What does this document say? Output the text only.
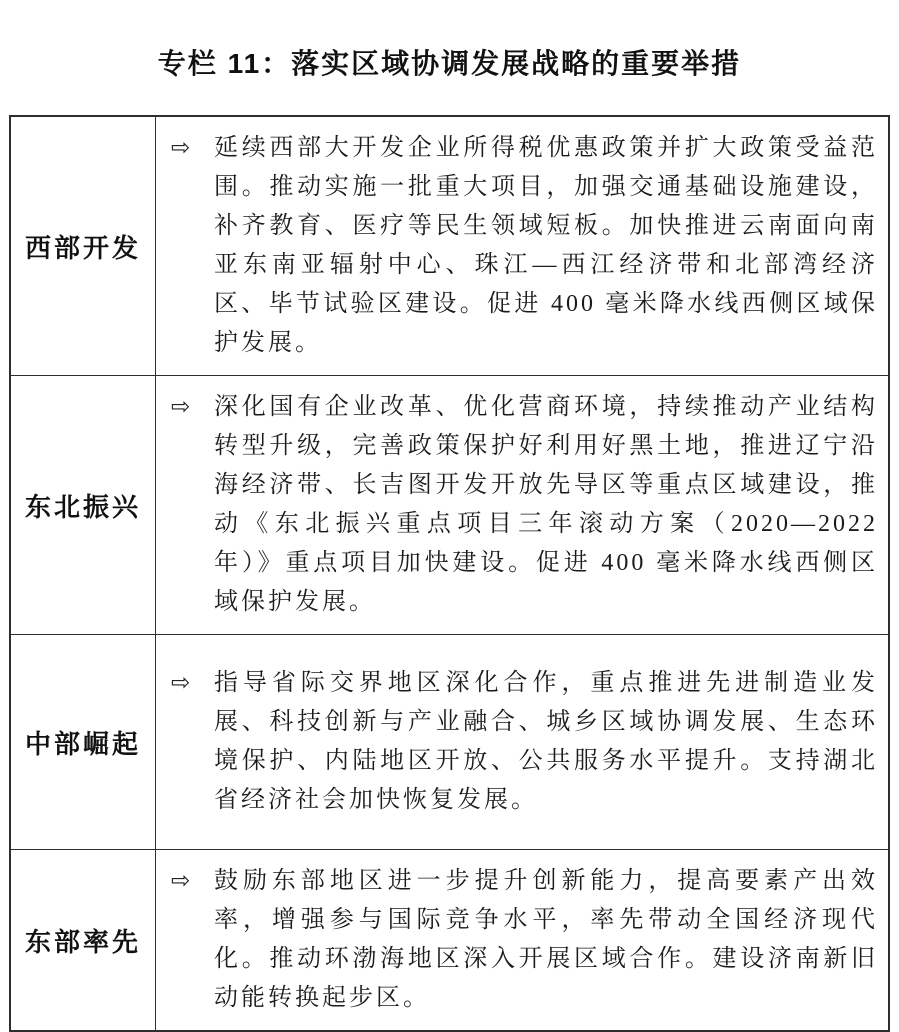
专栏 11：落实区域协调发展战略的重要举措
西部开发	⇨ 延续西部大开发企业所得税优惠政策并扩大政策受益范围。推动实施一批重大项目，加强交通基础设施建设，补齐教育、医疗等民生领域短板。加快推进云南面向南亚东南亚辐射中心、珠江—西江经济带和北部湾经济区、毕节试验区建设。促进 400 毫米降水线西侧区域保护发展。

东北振兴	⇨ 深化国有企业改革、优化营商环境，持续推动产业结构转型升级，完善政策保护好利用好黑土地，推进辽宁沿海经济带、长吉图开发开放先导区等重点区域建设，推动《东北振兴重点项目三年滚动方案（2020—2022 年）》重点项目加快建设。促进 400 毫米降水线西侧区域保护发展。

中部崛起	⇨ 指导省际交界地区深化合作，重点推进先进制造业发展、科技创新与产业融合、城乡区域协调发展、生态环境保护、内陆地区开放、公共服务水平提升。支持湖北省经济社会加快恢复发展。

东部率先	⇨ 鼓励东部地区进一步提升创新能力，提高要素产出效率，增强参与国际竞争水平，率先带动全国经济现代化。推动环渤海地区深入开展区域合作。建设济南新旧动能转换起步区。
